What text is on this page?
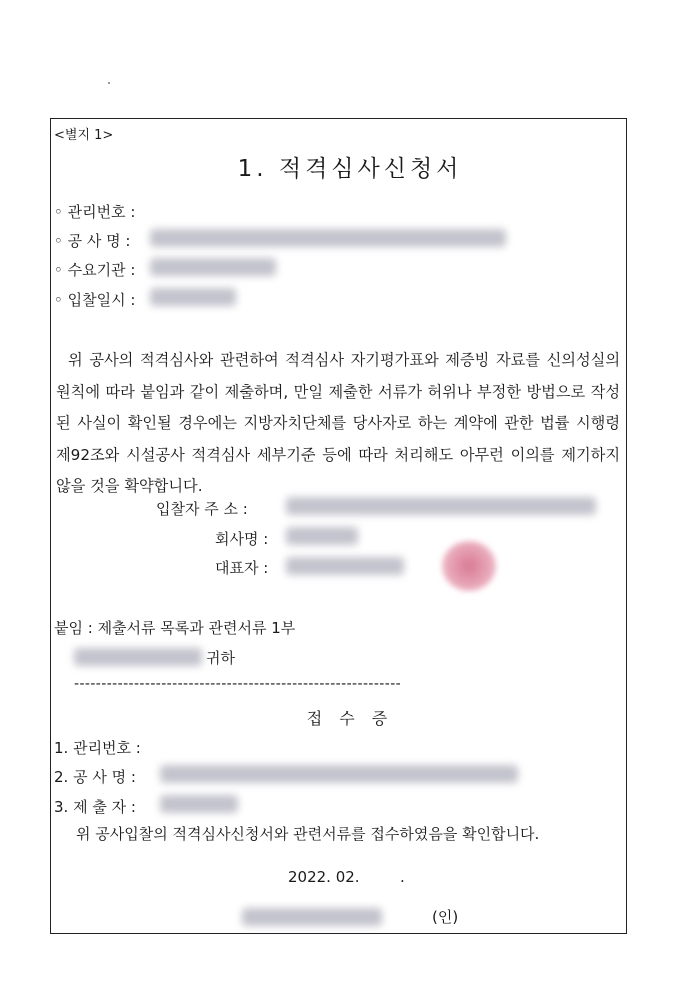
<별지 1>
1. 적격심사신청서
◦ 관리번호 :
◦ 공 사 명 :
◦ 수요기관 :
◦ 입찰일시 :
위 공사의 적격심사와 관련하여 적격심사 자기평가표와 제증빙 자료를 신의성실의 원칙에 따라 붙임과 같이 제출하며, 만일 제출한 서류가 허위나 부정한 방법으로 작성된 사실이 확인될 경우에는 지방자치단체를 당사자로 하는 계약에 관한 법률 시행령 제92조와 시설공사 적격심사 세부기준 등에 따라 처리해도 아무런 이의를 제기하지 않을 것을 확약합니다.
입찰자 주 소 :
회사명 :
대표자 :
붙임 : 제출서류 목록과 관련서류 1부
귀하
------------------------------------------------------------
접 수 증
1. 관리번호 :
2. 공 사 명 :
3. 제 출 자 :
위 공사입찰의 적격심사신청서와 관련서류를 접수하였음을 확인합니다.
2022. 02.	.
(인)
